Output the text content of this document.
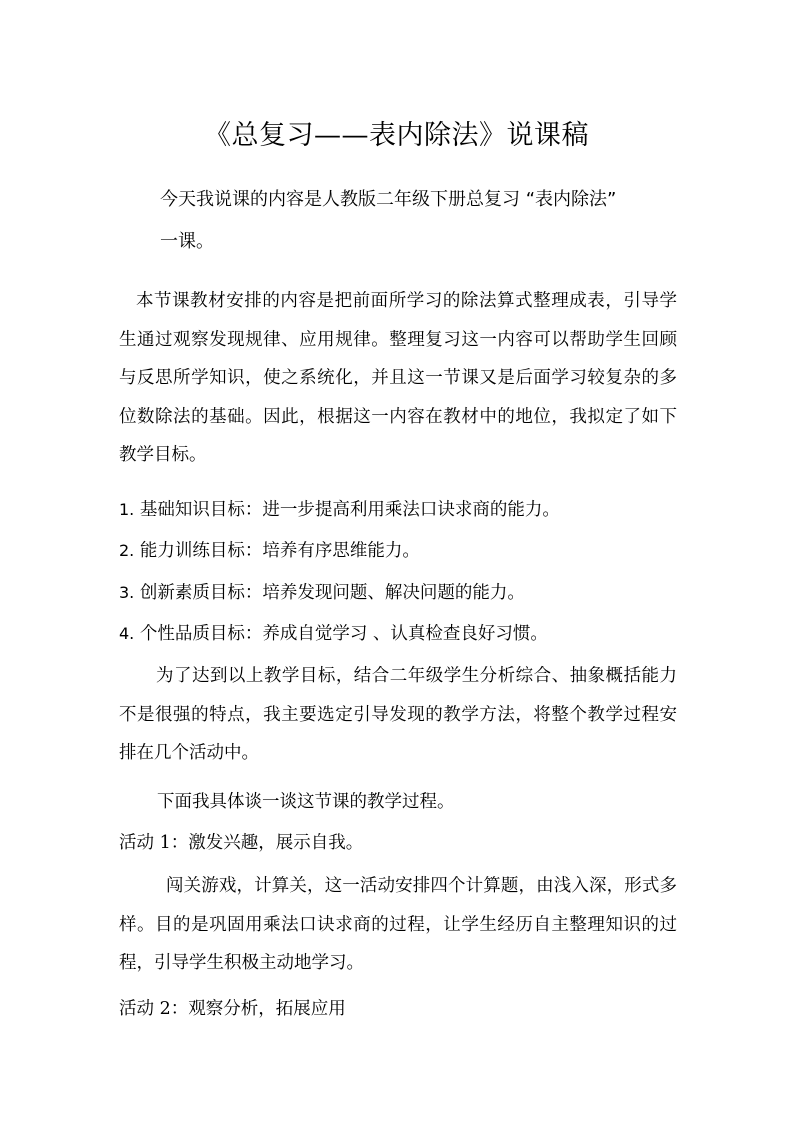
《总复习——表内除法》说课稿
今天我说课的内容是人教版二年级下册总复习 “表内除法”
一课。
本节课教材安排的内容是把前面所学习的除法算式整理成表，引导学生通过观察发现规律、应用规律。整理复习这一内容可以帮助学生回顾与反思所学知识，使之系统化，并且这一节课又是后面学习较复杂的多位数除法的基础。因此，根据这一内容在教材中的地位，我拟定了如下教学目标。
1. 基础知识目标：进一步提高利用乘法口诀求商的能力。
2. 能力训练目标：培养有序思维能力。
3. 创新素质目标：培养发现问题、解决问题的能力。
4. 个性品质目标：养成自觉学习 、认真检查良好习惯。
为了达到以上教学目标，结合二年级学生分析综合、抽象概括能力不是很强的特点，我主要选定引导发现的教学方法，将整个教学过程安排在几个活动中。
下面我具体谈一谈这节课的教学过程。
活动 1：激发兴趣，展示自我。
闯关游戏，计算关，这一活动安排四个计算题，由浅入深，形式多样。目的是巩固用乘法口诀求商的过程，让学生经历自主整理知识的过程，引导学生积极主动地学习。
活动 2：观察分析，拓展应用
